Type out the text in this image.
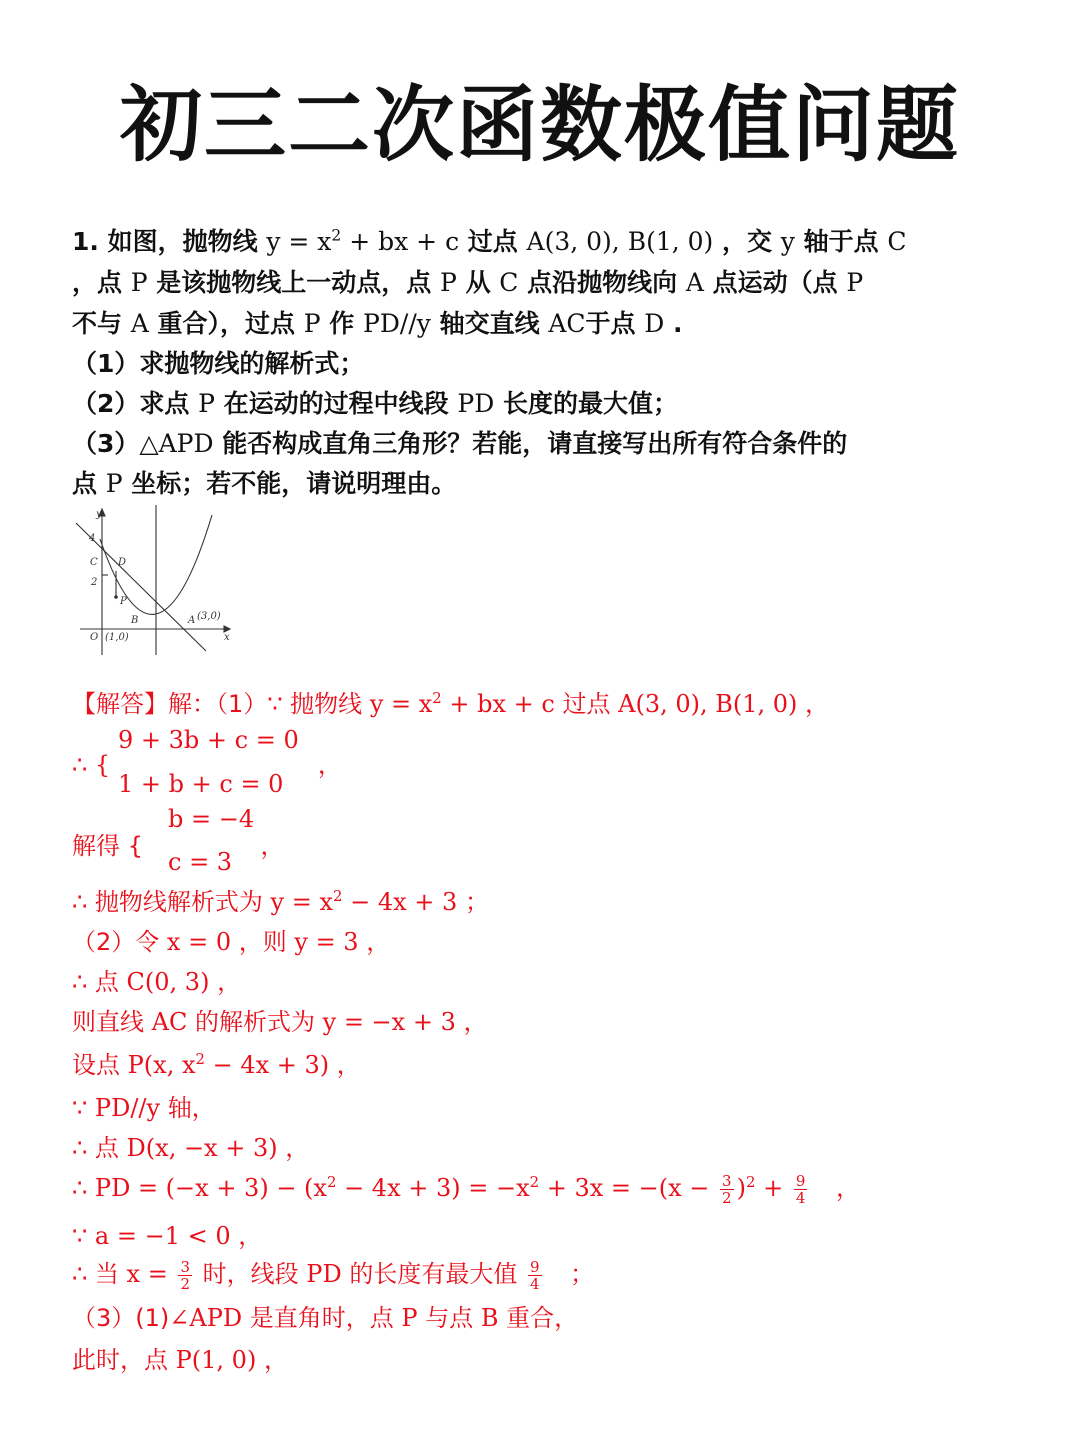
初三二次函数极值问题
1. 如图，抛物线 $y = x^2$ + bx + c 过点 A(3, 0), B(1, 0) ，交 y 轴于点 C
，点 P 是该抛物线上一动点，点 P 从 C 点沿抛物线向 A 点运动（点 P
不与 A 重合），过点 P 作 PD//y 轴交直线 AC于点 D .
（1）求抛物线的解析式；
（2）求点 P 在运动的过程中线段 PD 长度的最大值；
（3）△APD 能否构成直角三角形？若能，请直接写出所有符合条件的
点 P 坐标；若不能，请说明理由。
y
4
C D
2
P
B	A (3,0)
O (1,0)	x
【解答】解：（1）∵ 抛物线 $y = x^2$ + bx + c 过点 A(3, 0), B(1, 0) ，
9 + 3b + c = 0
∴ {	，
1 + b + c = 0
b = −4
解得 {	，
c = 3
∴ 抛物线解析式为 $y = x^2 - 4x + 3$ ；
（2）令 x = 0 ，则 y = 3 ，
∴ 点 C(0, 3) ，
则直线 AC 的解析式为 y = −x + 3 ，
设点 P(x, $x^2 - 4x + 3$) ，
∵ PD//y 轴，
∴ 点 D(x, −x + 3) ，
∴ PD = $(-x + 3) - (x^2 - 4x + 3) = -x^2 + 3x = -(x - \frac{3}{2} )^2 + \frac{9}{4}$ ，
∵ a = −1 < 0 ，
∴ 当 $x = \frac{3}{2}$ 时，线段 PD 的长度有最大值 $\frac{9}{4}$ ；
（3）(1)∠APD 是直角时，点 P 与点 B 重合，
此时，点 P(1, 0) ，
